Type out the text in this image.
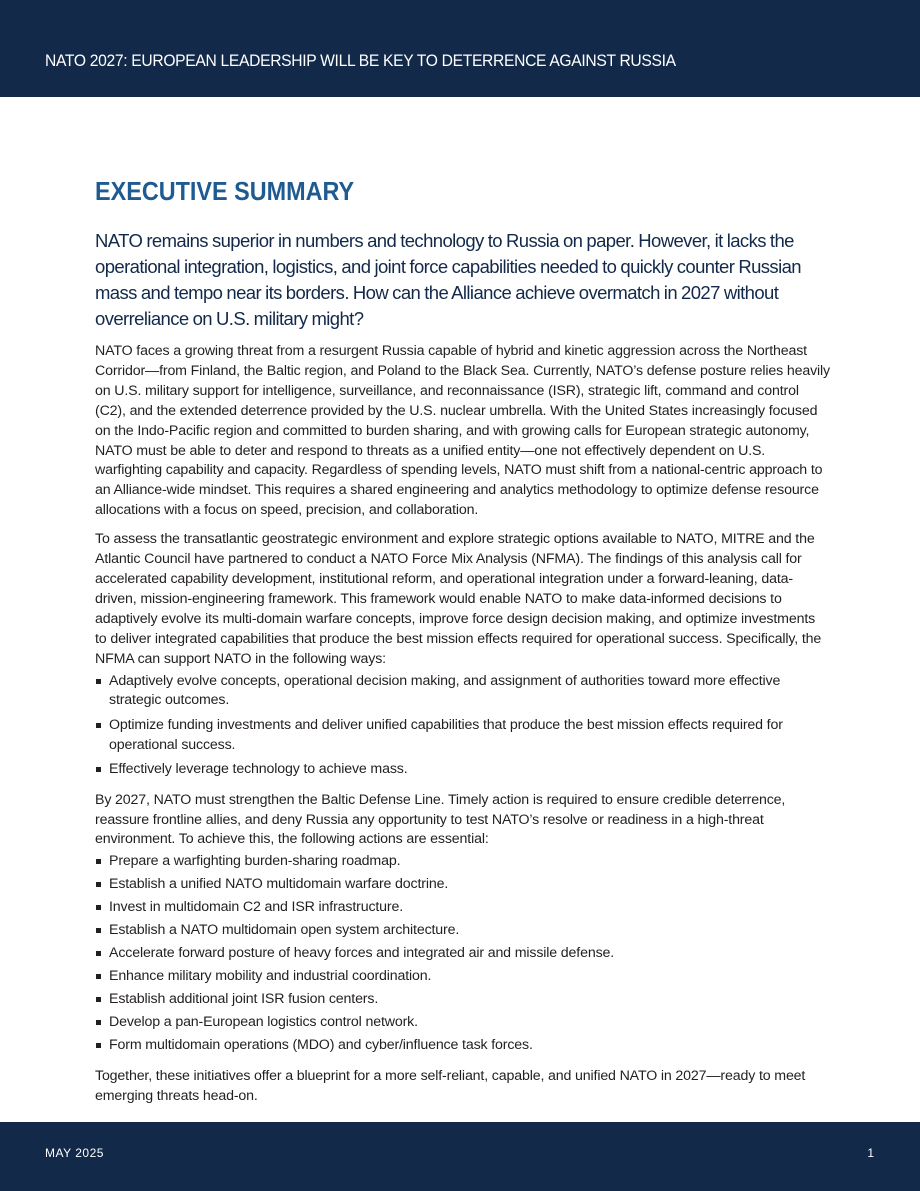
NATO 2027: EUROPEAN LEADERSHIP WILL BE KEY TO DETERRENCE AGAINST RUSSIA
EXECUTIVE SUMMARY

NATO remains superior in numbers and technology to Russia on paper. However, it lacks the operational integration, logistics, and joint force capabilities needed to quickly counter Russian mass and tempo near its borders. How can the Alliance achieve overmatch in 2027 without overreliance on U.S. military might?

NATO faces a growing threat from a resurgent Russia capable of hybrid and kinetic aggression across the Northeast Corridor—from Finland, the Baltic region, and Poland to the Black Sea. Currently, NATO’s defense posture relies heavily on U.S. military support for intelligence, surveillance, and reconnaissance (ISR), strategic lift, command and control (C2), and the extended deterrence provided by the U.S. nuclear umbrella. With the United States increasingly focused on the Indo-Pacific region and committed to burden sharing, and with growing calls for European strategic autonomy, NATO must be able to deter and respond to threats as a unified entity—one not effectively dependent on U.S. warfighting capability and capacity. Regardless of spending levels, NATO must shift from a national-centric approach to an Alliance-wide mindset. This requires a shared engineering and analytics methodology to optimize defense resource allocations with a focus on speed, precision, and collaboration.

To assess the transatlantic geostrategic environment and explore strategic options available to NATO, MITRE and the Atlantic Council have partnered to conduct a NATO Force Mix Analysis (NFMA). The findings of this analysis call for accelerated capability development, institutional reform, and operational integration under a forward-leaning, data-driven, mission-engineering framework. This framework would enable NATO to make data-informed decisions to adaptively evolve its multi-domain warfare concepts, improve force design decision making, and optimize investments to deliver integrated capabilities that produce the best mission effects required for operational success. Specifically, the NFMA can support NATO in the following ways:

Adaptively evolve concepts, operational decision making, and assignment of authorities toward more effective strategic outcomes.
Optimize funding investments and deliver unified capabilities that produce the best mission effects required for operational success.
Effectively leverage technology to achieve mass.

By 2027, NATO must strengthen the Baltic Defense Line. Timely action is required to ensure credible deterrence, reassure frontline allies, and deny Russia any opportunity to test NATO’s resolve or readiness in a high-threat environment. To achieve this, the following actions are essential:

Prepare a warfighting burden-sharing roadmap.
Establish a unified NATO multidomain warfare doctrine.
Invest in multidomain C2 and ISR infrastructure.
Establish a NATO multidomain open system architecture.
Accelerate forward posture of heavy forces and integrated air and missile defense.
Enhance military mobility and industrial coordination.
Establish additional joint ISR fusion centers.
Develop a pan-European logistics control network.
Form multidomain operations (MDO) and cyber/influence task forces.

Together, these initiatives offer a blueprint for a more self-reliant, capable, and unified NATO in 2027—ready to meet emerging threats head-on.

MAY 2025	1
